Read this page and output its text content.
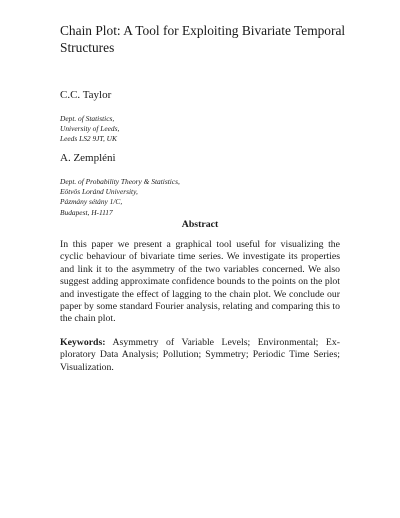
Chain Plot: A Tool for Exploiting Bivariate Temporal Structures
C.C. Taylor
Dept. of Statistics,
University of Leeds,
Leeds LS2 9JT, UK
A. Zempléni
Dept. of Probability Theory & Statistics,
Eötvös Loránd University,
Pázmány sétány 1/C,
Budapest, H-1117
Abstract

In this paper we present a graphical tool useful for visualizing the cyclic behaviour of bivariate time series. We investigate its properties and link it to the asymmetry of the two variables concerned. We also suggest adding approximate confidence bounds to the points on the plot and investigate the effect of lagging to the chain plot. We conclude our paper by some standard Fourier analysis, relating and comparing this to the chain plot.

Keywords: Asymmetry of Variable Levels; Environmental; Exploratory Data Analysis; Pollution; Symmetry; Periodic Time Series; Visualization.
